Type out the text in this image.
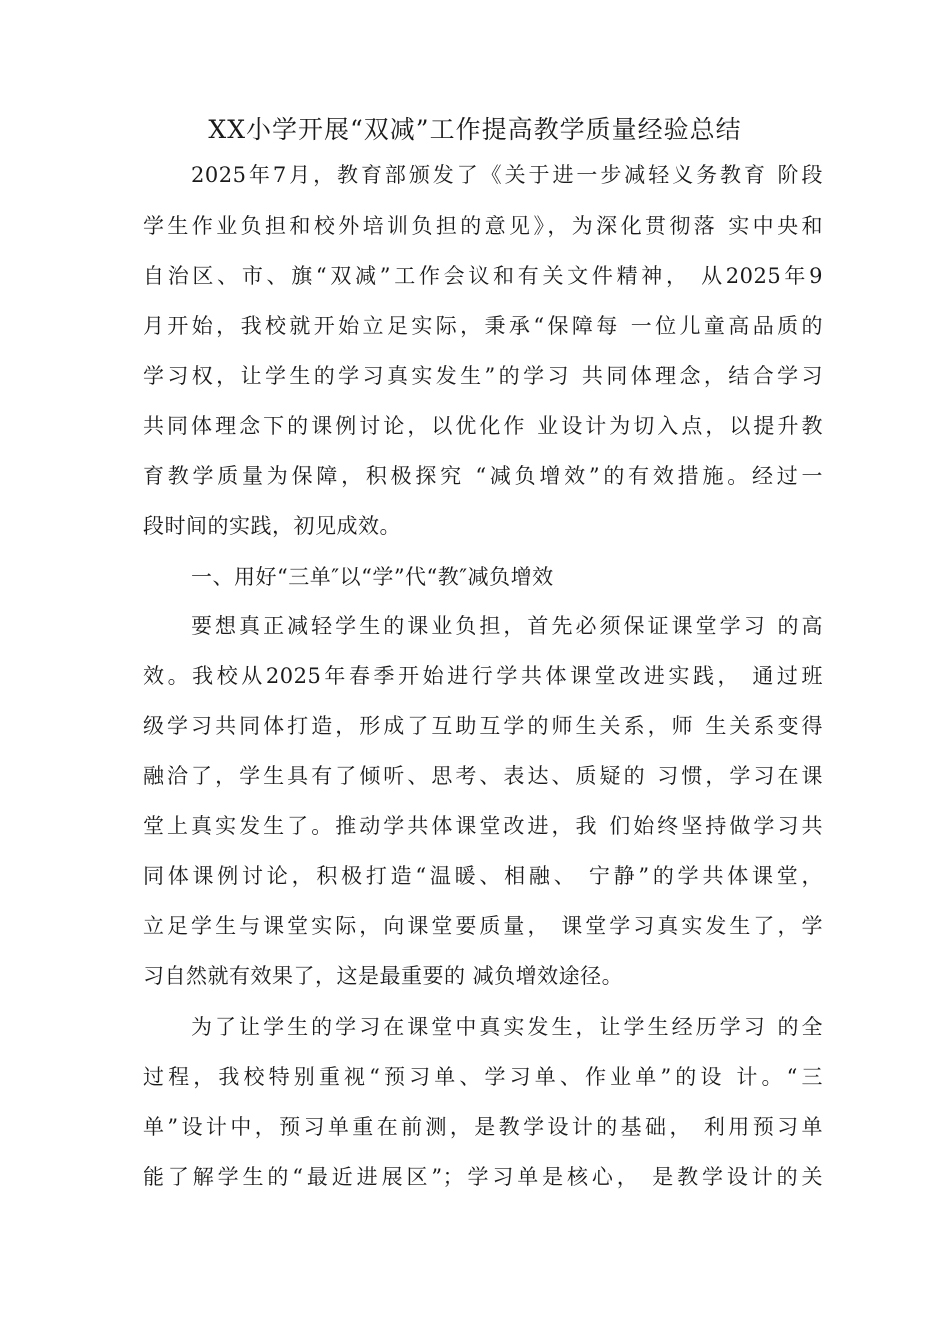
XX小学开展“双减”工作提高教学质量经验总结
2025年7月，教育部颁发了《关于进一步减轻义务教育 阶段
学生作业负担和校外培训负担的意见》，为深化贯彻落 实中央和
自治区、市、旗“双减”工作会议和有关文件精神， 从2025年9
月开始，我校就开始立足实际，秉承“保障每 一位儿童高品质的
学习权，让学生的学习真实发生”的学习 共同体理念，结合学习
共同体理念下的课例讨论，以优化作 业设计为切入点，以提升教
育教学质量为保障，积极探究 “减负增效”的有效措施。经过一
段时间的实践，初见成效。
一、用好“三单″以“学”代“教″减负增效
要想真正减轻学生的课业负担，首先必须保证课堂学习 的高
效。我校从2025年春季开始进行学共体课堂改进实践， 通过班
级学习共同体打造，形成了互助互学的师生关系，师 生关系变得
融洽了，学生具有了倾听、思考、表达、质疑的 习惯，学习在课
堂上真实发生了。推动学共体课堂改进，我 们始终坚持做学习共
同体课例讨论，积极打造“温暖、相融、 宁静”的学共体课堂，
立足学生与课堂实际，向课堂要质量， 课堂学习真实发生了，学
习自然就有效果了，这是最重要的 减负增效途径。
为了让学生的学习在课堂中真实发生，让学生经历学习 的全
过程，我校特别重视“预习单、学习单、作业单”的设 计。“三
单”设计中，预习单重在前测，是教学设计的基础， 利用预习单
能了解学生的“最近进展区”；学习单是核心， 是教学设计的关
